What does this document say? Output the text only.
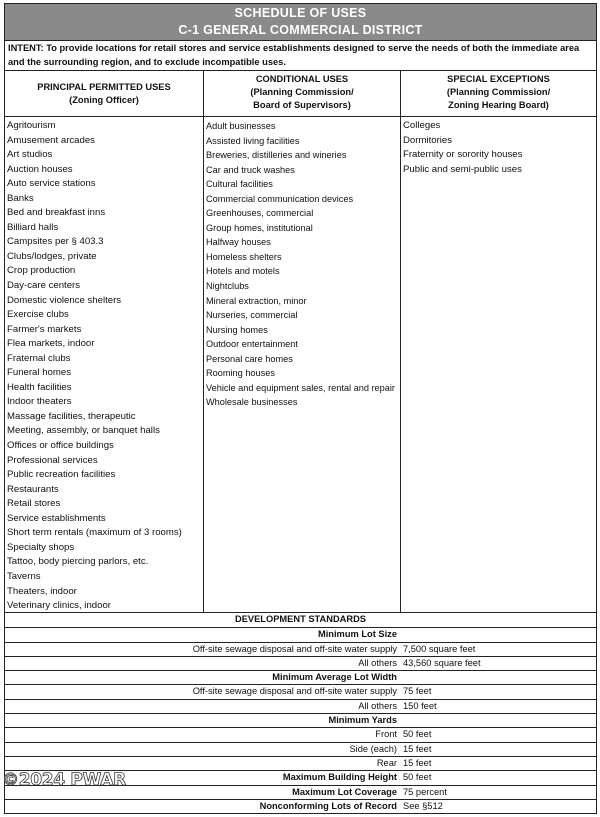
SCHEDULE OF USES
C-1 GENERAL COMMERCIAL DISTRICT
INTENT: To provide locations for retail stores and service establishments designed to serve the needs of both the immediate area and the surrounding region, and to exclude incompatible uses.
PRINCIPAL PERMITTED USES
(Zoning Officer)
Agritourism
Amusement arcades
Art studios
Auction houses
Auto service stations
Banks
Bed and breakfast inns
Billiard halls
Campsites per § 403.3
Clubs/lodges, private
Crop production
Day-care centers
Domestic violence shelters
Exercise clubs
Farmer's markets
Flea markets, indoor
Fraternal clubs
Funeral homes
Health facilities
Indoor theaters
Massage facilities, therapeutic
Meeting, assembly, or banquet halls
Offices or office buildings
Professional services
Public recreation facilities
Restaurants
Retail stores
Service establishments
Short term rentals (maximum of 3 rooms)
Specialty shops
Tattoo, body piercing parlors, etc.
Taverns
Theaters, indoor
Veterinary clinics, indoor
CONDITIONAL USES
(Planning Commission/
Board of Supervisors)
Adult businesses
Assisted living facilities
Breweries, distilleries and wineries
Car and truck washes
Cultural facilities
Commercial communication devices
Greenhouses, commercial
Group homes, institutional
Halfway houses
Homeless shelters
Hotels and motels
Nightclubs
Mineral extraction, minor
Nurseries, commercial
Nursing homes
Outdoor entertainment
Personal care homes
Rooming houses
Vehicle and equipment sales, rental and repair
Wholesale businesses
SPECIAL EXCEPTIONS
(Planning Commission/
Zoning Hearing Board)
Colleges
Dormitories
Fraternity or sorority houses
Public and semi-public uses
DEVELOPMENT STANDARDS
Minimum Lot Size
Off-site sewage disposal and off-site water supply 7,500 square feet
All others 43,560 square feet
Minimum Average Lot Width
Off-site sewage disposal and off-site water supply 75 feet
All others 150 feet
Minimum Yards
Front 50 feet
Side (each) 15 feet
Rear 15 feet
Maximum Building Height 50 feet
Maximum Lot Coverage 75 percent
Nonconforming Lots of Record See §512
©2024 PWAR
